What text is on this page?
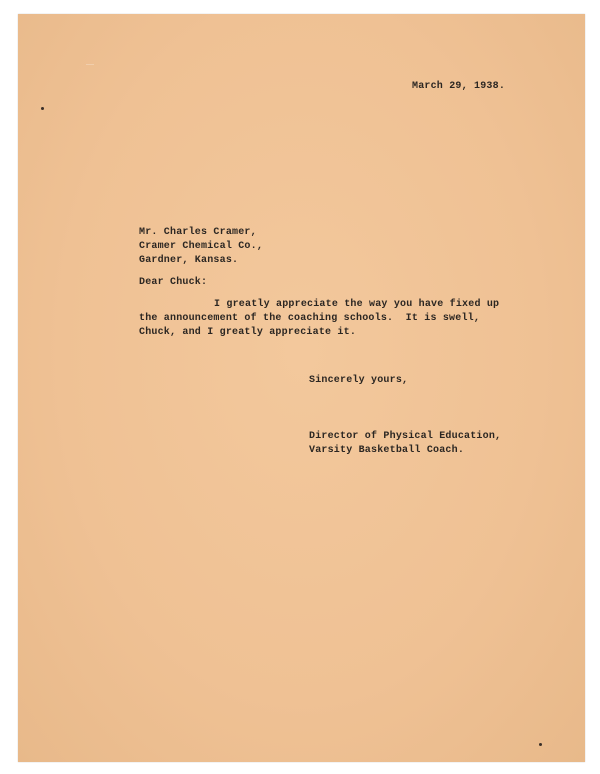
March 29, 1938.
Mr. Charles Cramer,
Cramer Chemical Co.,
Gardner, Kansas.
Dear Chuck:
I greatly appreciate the way you have fixed up
the announcement of the coaching schools.  It is swell,
Chuck, and I greatly appreciate it.
Sincerely yours,
Director of Physical Education,
Varsity Basketball Coach.
